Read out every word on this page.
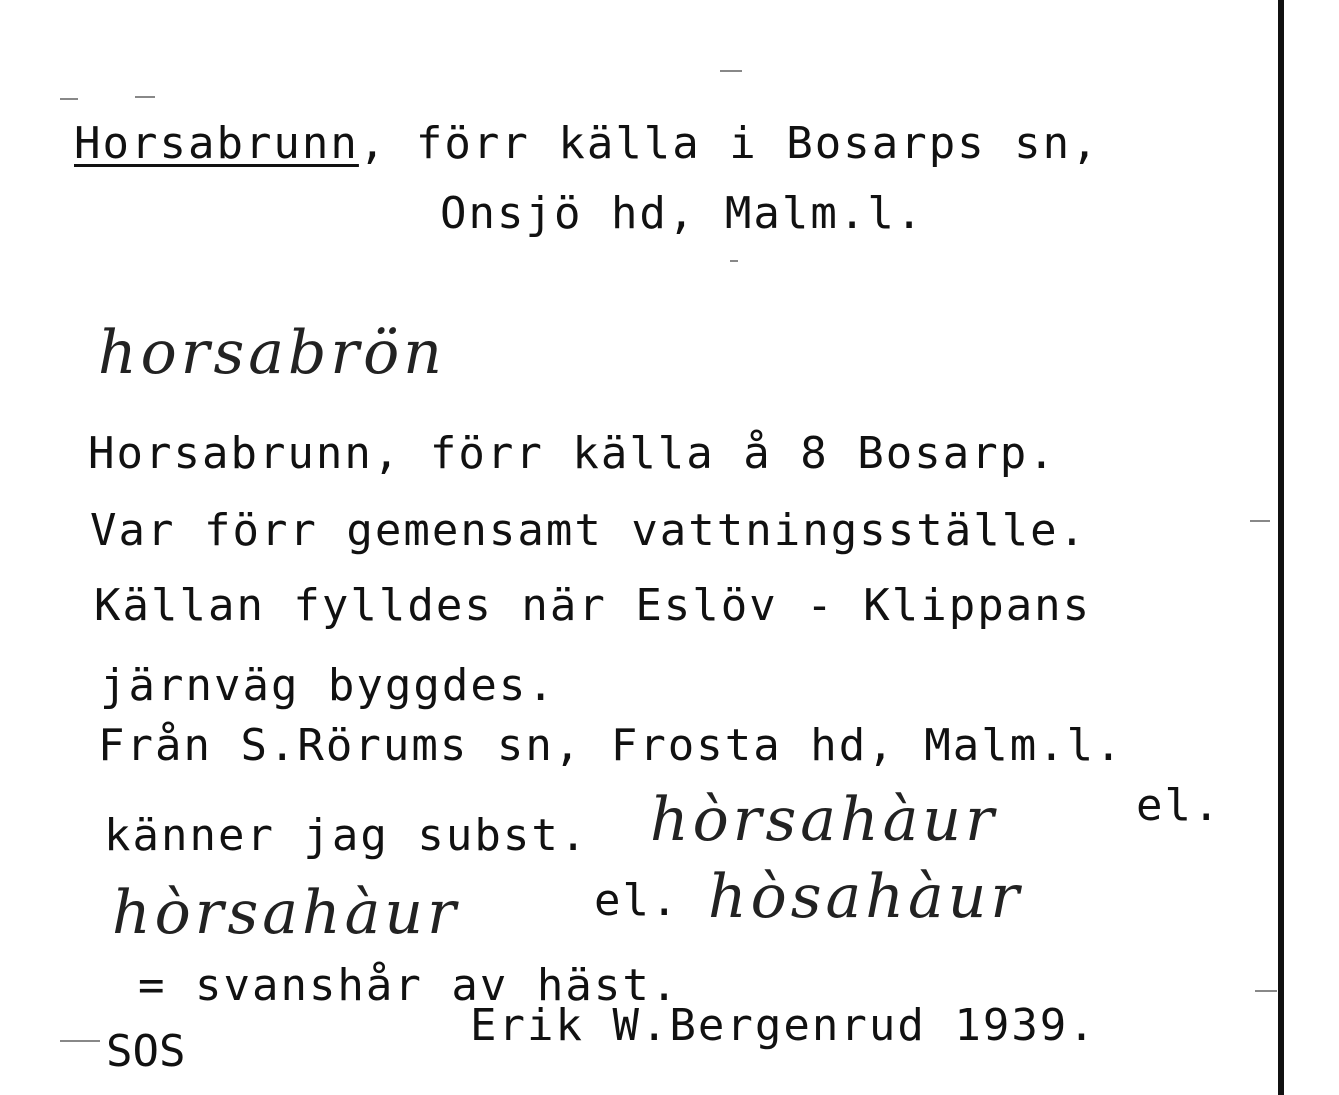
Horsabrunn, förr källa i Bosarps sn,
Onsjö hd, Malm.l.
horsabrön
Horsabrunn, förr källa å 8 Bosarp.
Var förr gemensamt vattningsställe.
Källan fylldes när Eslöv - Klippans
järnväg byggdes.
Från S.Rörums sn, Frosta hd, Malm.l.
känner jag subst. hòrsahàur	el.
hòrsahàur	el. hòsahàur
= svanshår av häst.
SOS
Erik W.Bergenrud 1939.
